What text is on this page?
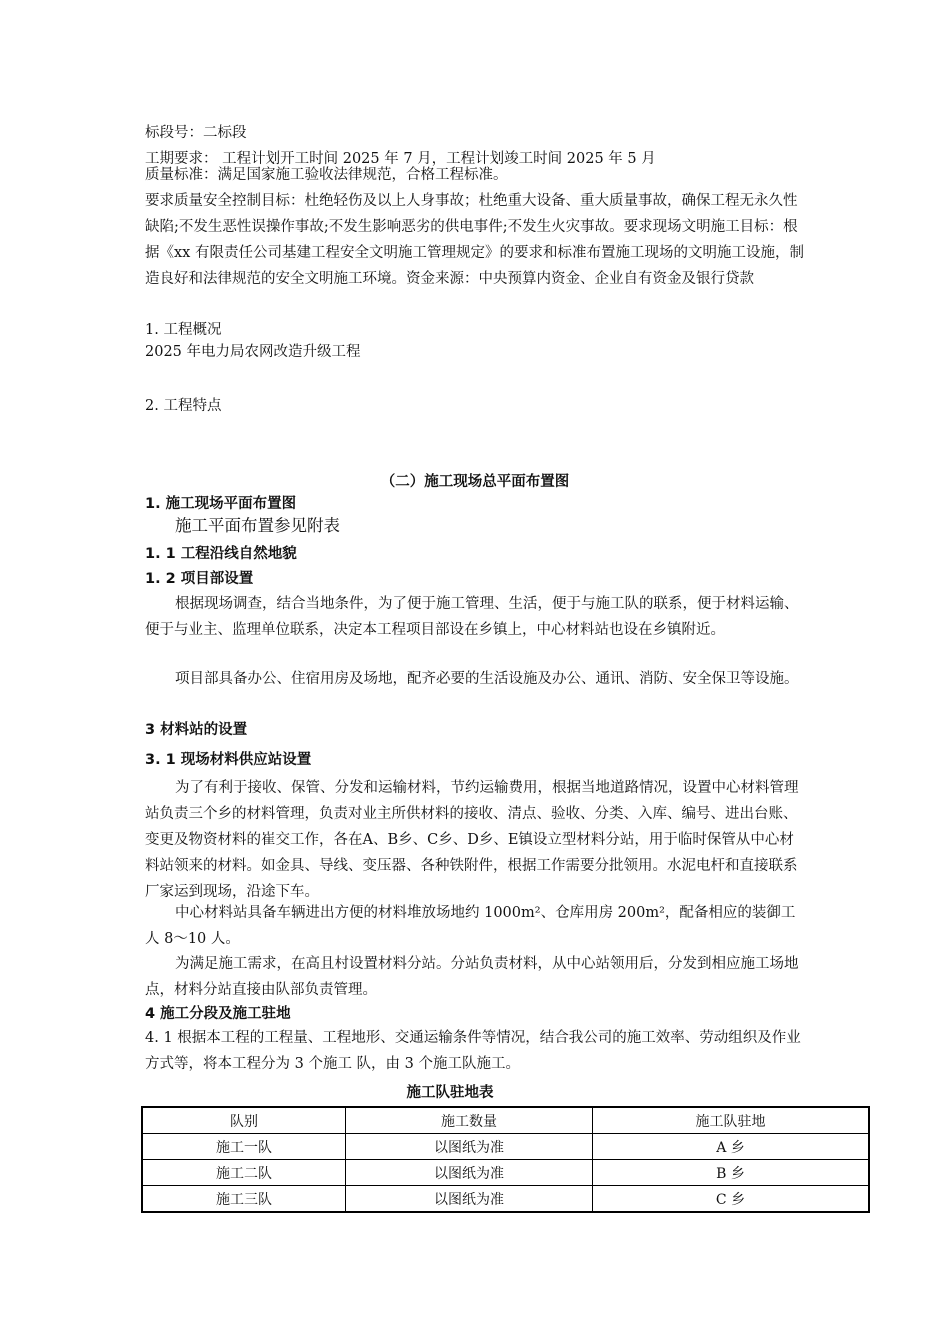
标段号：二标段
工期要求： 工程计划开工时间 2025 年 7 月，工程计划竣工时间 2025 年 5 月
质量标准：满足国家施工验收法律规范，合格工程标准。
要求质量安全控制目标：杜绝轻伤及以上人身事故；杜绝重大设备、重大质量事故，确保工程无永久性缺陷;不发生恶性误操作事故;不发生影响恶劣的供电事件;不发生火灾事故。要求现场文明施工目标：根据《xx 有限责任公司基建工程安全文明施工管理规定》的要求和标准布置施工现场的文明施工设施，制造良好和法律规范的安全文明施工环境。资金来源：中央预算内资金、企业自有资金及银行贷款
1. 工程概况
2025 年电力局农网改造升级工程
2. 工程特点
（二）施工现场总平面布置图
1. 施工现场平面布置图
施工平面布置参见附表
1. 1 工程沿线自然地貌
1. 2 项目部设置
根据现场调查，结合当地条件，为了便于施工管理、生活，便于与施工队的联系，便于材料运输、便于与业主、监理单位联系，决定本工程项目部设在乡镇上，中心材料站也设在乡镇附近。
项目部具备办公、住宿用房及场地，配齐必要的生活设施及办公、通讯、消防、安全保卫等设施。
3 材料站的设置
3. 1 现场材料供应站设置
为了有利于接收、保管、分发和运输材料，节约运输费用，根据当地道路情况，设置中心材料管理站负责三个乡的材料管理，负责对业主所供材料的接收、清点、验收、分类、入库、编号、进出台账、变更及物资材料的崔交工作，各在A、B乡、C乡、D乡、E镇设立型材料分站，用于临时保管从中心材料站领来的材料。如金具、导线、变压器、各种铁附件，根据工作需要分批领用。水泥电杆和直接联系厂家运到现场，沿途下车。
中心材料站具备车辆进出方便的材料堆放场地约 1000m²、仓库用房 200m²，配备相应的装御工人 8～10 人。
为满足施工需求，在高且村设置材料分站。分站负责材料，从中心站领用后，分发到相应施工场地点，材料分站直接由队部负责管理。
4 施工分段及施工驻地
4. 1 根据本工程的工程量、工程地形、交通运输条件等情况，结合我公司的施工效率、劳动组织及作业方式等，将本工程分为 3 个施工 队，由 3 个施工队施工。
施工队驻地表
队别	施工数量	施工队驻地
施工一队	以图纸为准	A 乡
施工二队	以图纸为准	B 乡
施工三队	以图纸为准	C 乡
